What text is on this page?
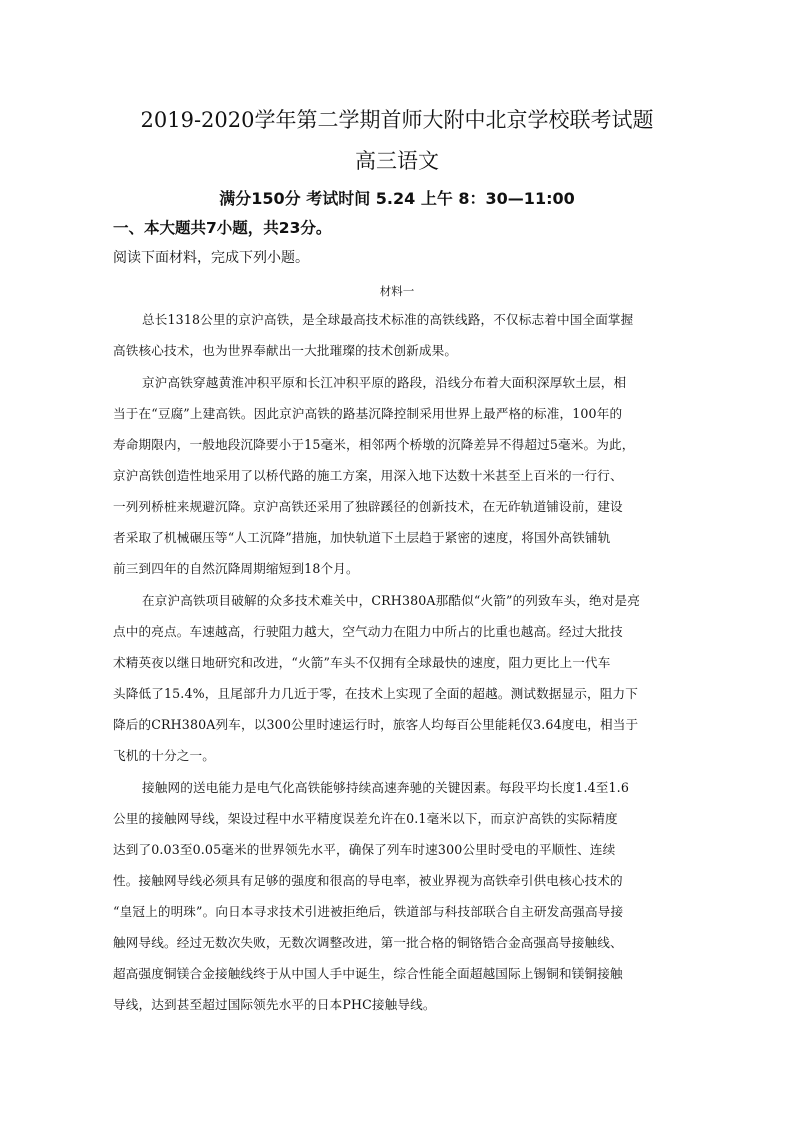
2019-2020学年第二学期首师大附中北京学校联考试题
高三语文
满分150分 考试时间 5.24 上午 8：30—11:00
一、本大题共7小题，共23分。
阅读下面材料，完成下列小题。
材料一
总长1318公里的京沪高铁，是全球最高技术标准的高铁线路，不仅标志着中国全面掌握
高铁核心技术，也为世界奉献出一大批璀璨的技术创新成果。
京沪高铁穿越黄淮冲积平原和长江冲积平原的路段，沿线分布着大面积深厚软土层，相
当于在“豆腐”上建高铁。因此京沪高铁的路基沉降控制采用世界上最严格的标准，100年的
寿命期限内，一般地段沉降要小于15毫米，相邻两个桥墩的沉降差异不得超过5毫米。为此，
京沪高铁创造性地采用了以桥代路的施工方案，用深入地下达数十米甚至上百米的一行行、
一列列桥桩来规避沉降。京沪高铁还采用了独辟蹊径的创新技术，在无砟轨道铺设前，建设
者采取了机械碾压等“人工沉降”措施，加快轨道下土层趋于紧密的速度，将国外高铁铺轨
前三到四年的自然沉降周期缩短到18个月。
在京沪高铁项目破解的众多技术难关中，CRH380A那酷似“火箭”的列致车头，绝对是亮
点中的亮点。车速越高，行驶阻力越大，空气动力在阻力中所占的比重也越高。经过大批技
术精英夜以继日地研究和改进，“火箭”车头不仅拥有全球最快的速度，阻力更比上一代车
头降低了15.4%，且尾部升力几近于零，在技术上实现了全面的超越。测试数据显示，阻力下
降后的CRH380A列车，以300公里时速运行时，旅客人均每百公里能耗仅3.64度电，相当于
飞机的十分之一。
接触网的送电能力是电气化高铁能够持续高速奔驰的关键因素。每段平均长度1.4至1.6
公里的接触网导线，架设过程中水平精度误差允许在0.1毫米以下，而京沪高铁的实际精度
达到了0.03至0.05毫米的世界领先水平，确保了列车时速300公里时受电的平顺性、连续
性。接触网导线必须具有足够的强度和很高的导电率，被业界视为高铁牵引供电核心技术的
“皇冠上的明珠”。向日本寻求技术引进被拒绝后，铁道部与科技部联合自主研发高强高导接
触网导线。经过无数次失败，无数次调整改进，第一批合格的铜铬锆合金高强高导接触线、
超高强度铜镁合金接触线终于从中国人手中诞生，综合性能全面超越国际上锡铜和镁铜接触
导线，达到甚至超过国际领先水平的日本PHC接触导线。
